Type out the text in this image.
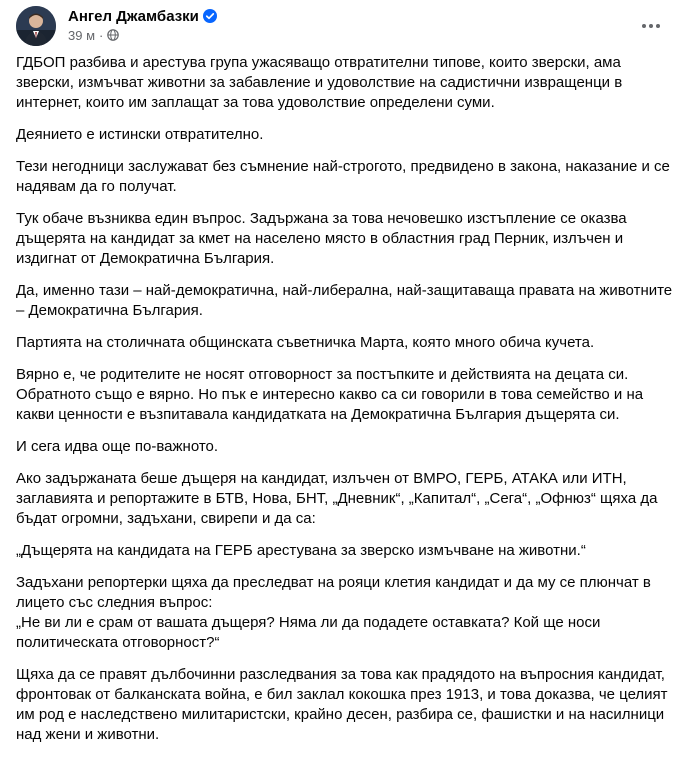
Ангел Джамбазки
39 м ·

ГДБОП разбива и арестува група ужасяващо отвратителни типове, които зверски, ама зверски, измъчват животни за забавление и удоволствие на садистични извращенци в интернет, които им заплащат за това удоволствие определени суми.

Деянието е истински отвратително.

Тези негодници заслужават без съмнение най-строгото, предвидено в закона, наказание и се надявам да го получат.

Тук обаче възниква един въпрос. Задържана за това нечовешко изстъпление се оказва дъщерята на кандидат за кмет на населено място в областния град Перник, излъчен и издигнат от Демократична България.

Да, именно тази – най-демократична, най-либерална, най-защитаваща правата на животните – Демократична България.

Партията на столичната общинската съветничка Марта, която много обича кучета.

Вярно е, че родителите не носят отговорност за постъпките и действията на децата си. Обратното също е вярно. Но пък е интересно какво са си говорили в това семейство и на какви ценности е възпитавала кандидатката на Демократична България дъщерята си.

И сега идва още по-важното.

Ако задържаната беше дъщеря на кандидат, излъчен от ВМРО, ГЕРБ, АТАКА или ИТН, заглавията и репортажите в БТВ, Нова, БНТ, „Дневник“, „Капитал“, „Сега“, „Офнюз“ щяха да бъдат огромни, задъхани, свирепи и да са:

„Дъщерята на кандидата на ГЕРБ арестувана за зверско измъчване на животни.“

Задъхани репортерки щяха да преследват на рояци клетия кандидат и да му се плюнчат в лицето със следния въпрос:
„Не ви ли е срам от вашата дъщеря? Няма ли да подадете оставката? Кой ще носи политическата отговорност?“

Щяха да се правят дълбочинни разследвания за това как прадядото на въпросния кандидат, фронтовак от балканската война, е бил заклал кокошка през 1913, и това доказва, че целият им род е наследствено милитаристски, крайно десен, разбира се, фашистки и на насилници над жени и животни.
